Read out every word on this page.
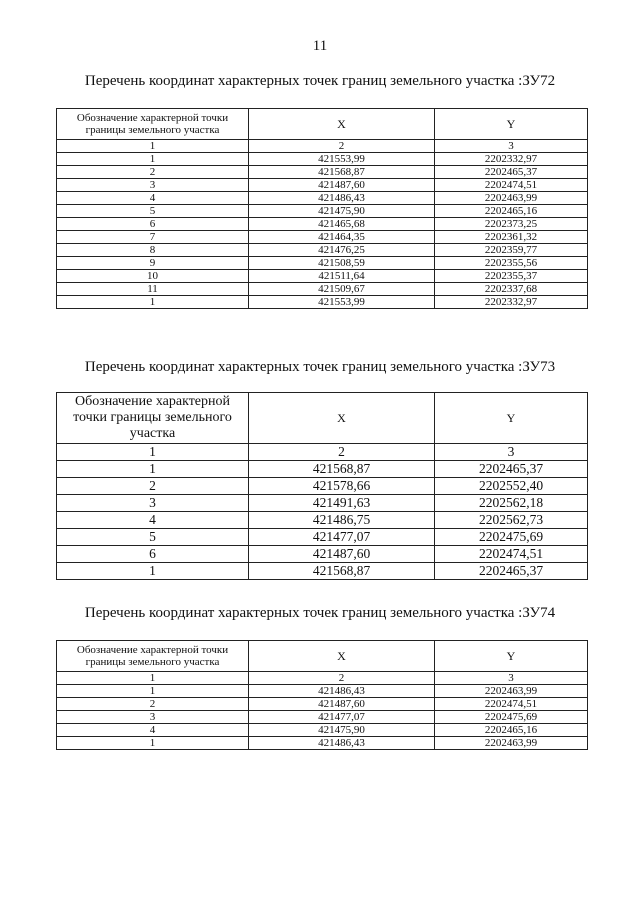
11
Перечень координат характерных точек границ земельного участка :ЗУ72
Обозначение характерной точки границы земельного участка	X	Y
1	2	3
1	421553,99	2202332,97
2	421568,87	2202465,37
3	421487,60	2202474,51
4	421486,43	2202463,99
5	421475,90	2202465,16
6	421465,68	2202373,25
7	421464,35	2202361,32
8	421476,25	2202359,77
9	421508,59	2202355,56
10	421511,64	2202355,37
11	421509,67	2202337,68
1	421553,99	2202332,97
Перечень координат характерных точек границ земельного участка :ЗУ73
Обозначение характерной точки границы земельного участка	X	Y
1	2	3
1	421568,87	2202465,37
2	421578,66	2202552,40
3	421491,63	2202562,18
4	421486,75	2202562,73
5	421477,07	2202475,69
6	421487,60	2202474,51
1	421568,87	2202465,37
Перечень координат характерных точек границ земельного участка :ЗУ74
Обозначение характерной точки границы земельного участка	X	Y
1	2	3
1	421486,43	2202463,99
2	421487,60	2202474,51
3	421477,07	2202475,69
4	421475,90	2202465,16
1	421486,43	2202463,99
